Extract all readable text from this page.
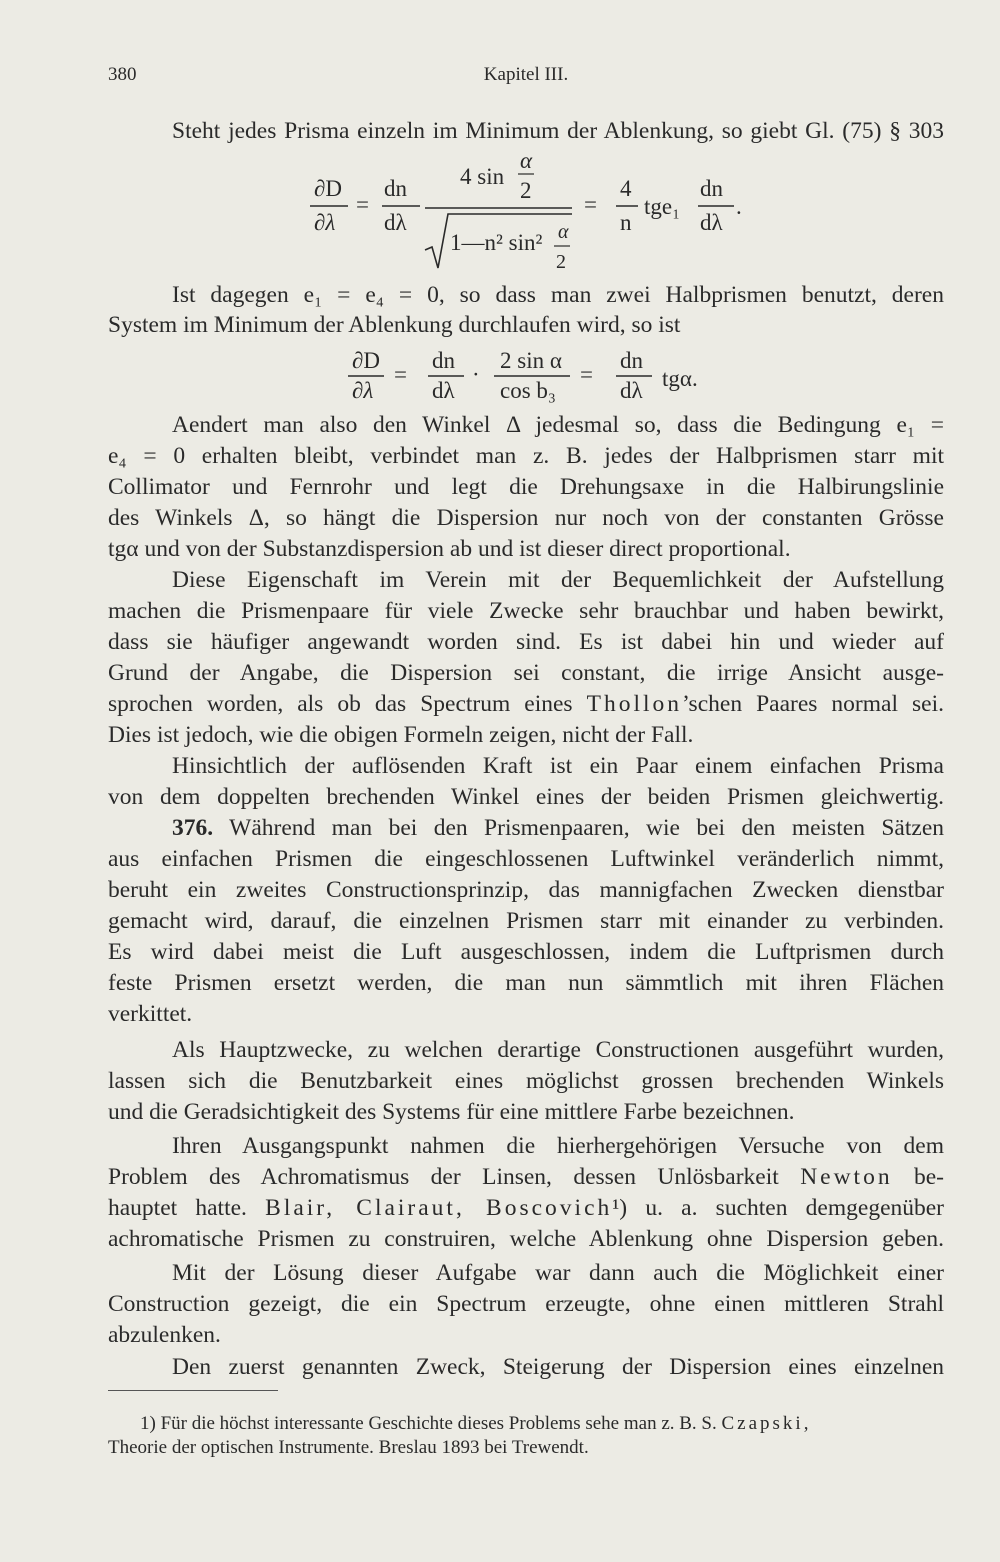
380	Kapitel III.
Steht jedes Prisma einzeln im Minimum der Ablenkung, so giebt Gl. (75) § 303
∂D
∂λ
=
dn
dλ
α
4 sin
2
1—n² sin² α
2
=
4
n
tge₁
dn
dλ
.
Ist dagegen e₁ = e₄ = 0, so dass man zwei Halbprismen benutzt, deren
System im Minimum der Ablenkung durchlaufen wird, so ist
∂D
∂λ
=
dn
dλ
·
2 sin α
cos b₃
=
dn
dλ tgα.
Aendert man also den Winkel Δ jedesmal so, dass die Bedingung e₁ =
e₄ = 0 erhalten bleibt, verbindet man z. B. jedes der Halbprismen starr mit
Collimator und Fernrohr und legt die Drehungsaxe in die Halbirungslinie
des Winkels Δ, so hängt die Dispersion nur noch von der constanten Grösse
tgα und von der Substanzdispersion ab und ist dieser direct proportional.
Diese Eigenschaft im Verein mit der Bequemlichkeit der Aufstellung
machen die Prismenpaare für viele Zwecke sehr brauchbar und haben bewirkt,
dass sie häufiger angewandt worden sind. Es ist dabei hin und wieder auf
Grund der Angabe, die Dispersion sei constant, die irrige Ansicht ausge-
sprochen worden, als ob das Spectrum eines Thollon’schen Paares normal sei.
Dies ist jedoch, wie die obigen Formeln zeigen, nicht der Fall.
Hinsichtlich der auflösenden Kraft ist ein Paar einem einfachen Prisma
von dem doppelten brechenden Winkel eines der beiden Prismen gleichwertig.
376. Während man bei den Prismenpaaren, wie bei den meisten Sätzen
aus einfachen Prismen die eingeschlossenen Luftwinkel veränderlich nimmt,
beruht ein zweites Constructionsprinzip, das mannigfachen Zwecken dienstbar
gemacht wird, darauf, die einzelnen Prismen starr mit einander zu verbinden.
Es wird dabei meist die Luft ausgeschlossen, indem die Luftprismen durch
feste Prismen ersetzt werden, die man nun sämmtlich mit ihren Flächen
verkittet.
Als Hauptzwecke, zu welchen derartige Constructionen ausgeführt wurden,
lassen sich die Benutzbarkeit eines möglichst grossen brechenden Winkels
und die Geradsichtigkeit des Systems für eine mittlere Farbe bezeichnen.
Ihren Ausgangspunkt nahmen die hierhergehörigen Versuche von dem
Problem des Achromatismus der Linsen, dessen Unlösbarkeit Newton be-
hauptet hatte. Blair, Clairaut, Boscovich¹) u. a. suchten demgegenüber
achromatische Prismen zu construiren, welche Ablenkung ohne Dispersion geben.
Mit der Lösung dieser Aufgabe war dann auch die Möglichkeit einer
Construction gezeigt, die ein Spectrum erzeugte, ohne einen mittleren Strahl
abzulenken.
Den zuerst genannten Zweck, Steigerung der Dispersion eines einzelnen
1) Für die höchst interessante Geschichte dieses Problems sehe man z. B. S. Czapski,
Theorie der optischen Instrumente. Breslau 1893 bei Trewendt.
